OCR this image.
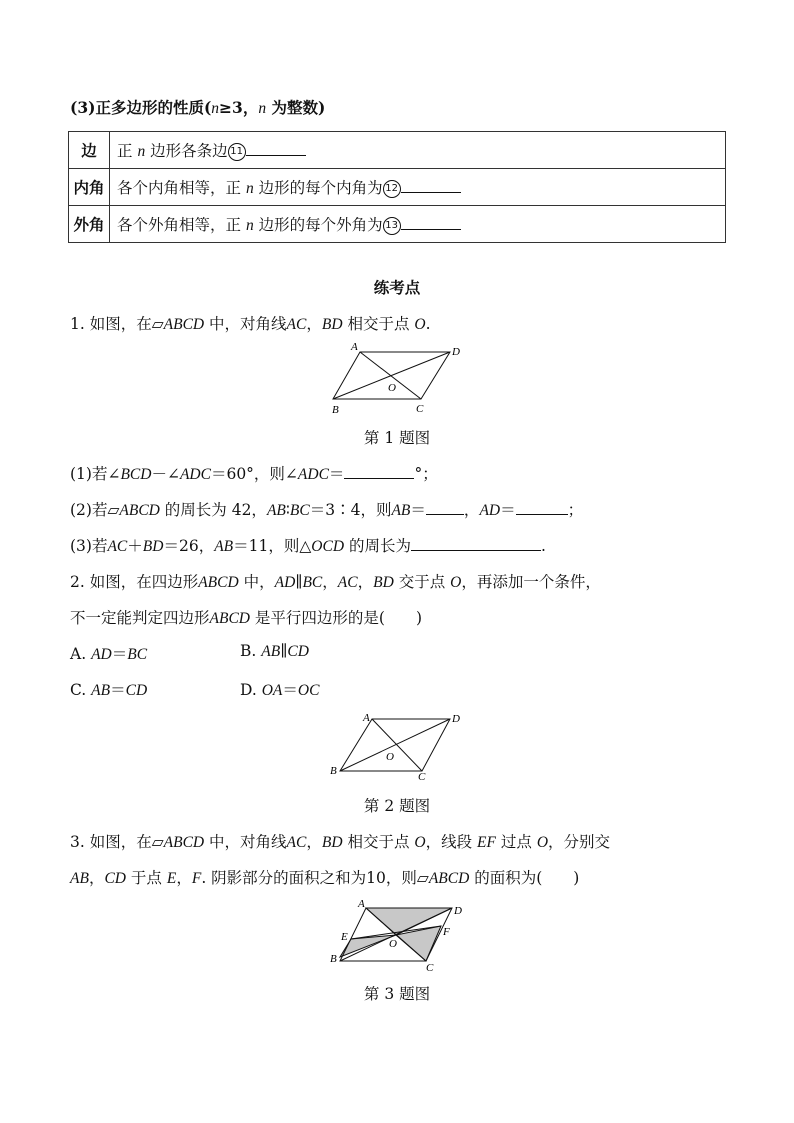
(3)正多边形的性质(n≥3，n 为整数)
边	正 n 边形各条边 11
内角	各个内角相等，正 n 边形的每个内角为 12
外角	各个外角相等，正 n 边形的每个外角为 13
练考点
1. 如图，在▱ABCD 中，对角线AC，BD 相交于点 O.
A	D
B	C
O
第 1 题图
(1)若∠BCD－∠ADC＝60°，则∠ADC＝	°；
(2)若▱ABCD 的周长为 42，AB∶BC＝3∶4，则AB＝ ，AD＝	；
(3)若AC＋BD＝26，AB＝11，则△OCD 的周长为	.
2. 如图，在四边形ABCD 中，AD∥BC，AC，BD 交于点 O，再添加一个条件，
不一定能判定四边形ABCD 是平行四边形的是(　　)
A. AD＝BC	B. AB∥CD
C. AB＝CD	D. OA＝OC
A	D
B	C
O
第 2 题图
3. 如图，在▱ABCD 中，对角线AC，BD 相交于点 O，线段 EF 过点 O，分别交
AB，CD 于点 E，F. 阴影部分的面积之和为10，则▱ABCD 的面积为(　　)
A
D
E	F
B
C
O
第 3 题图
